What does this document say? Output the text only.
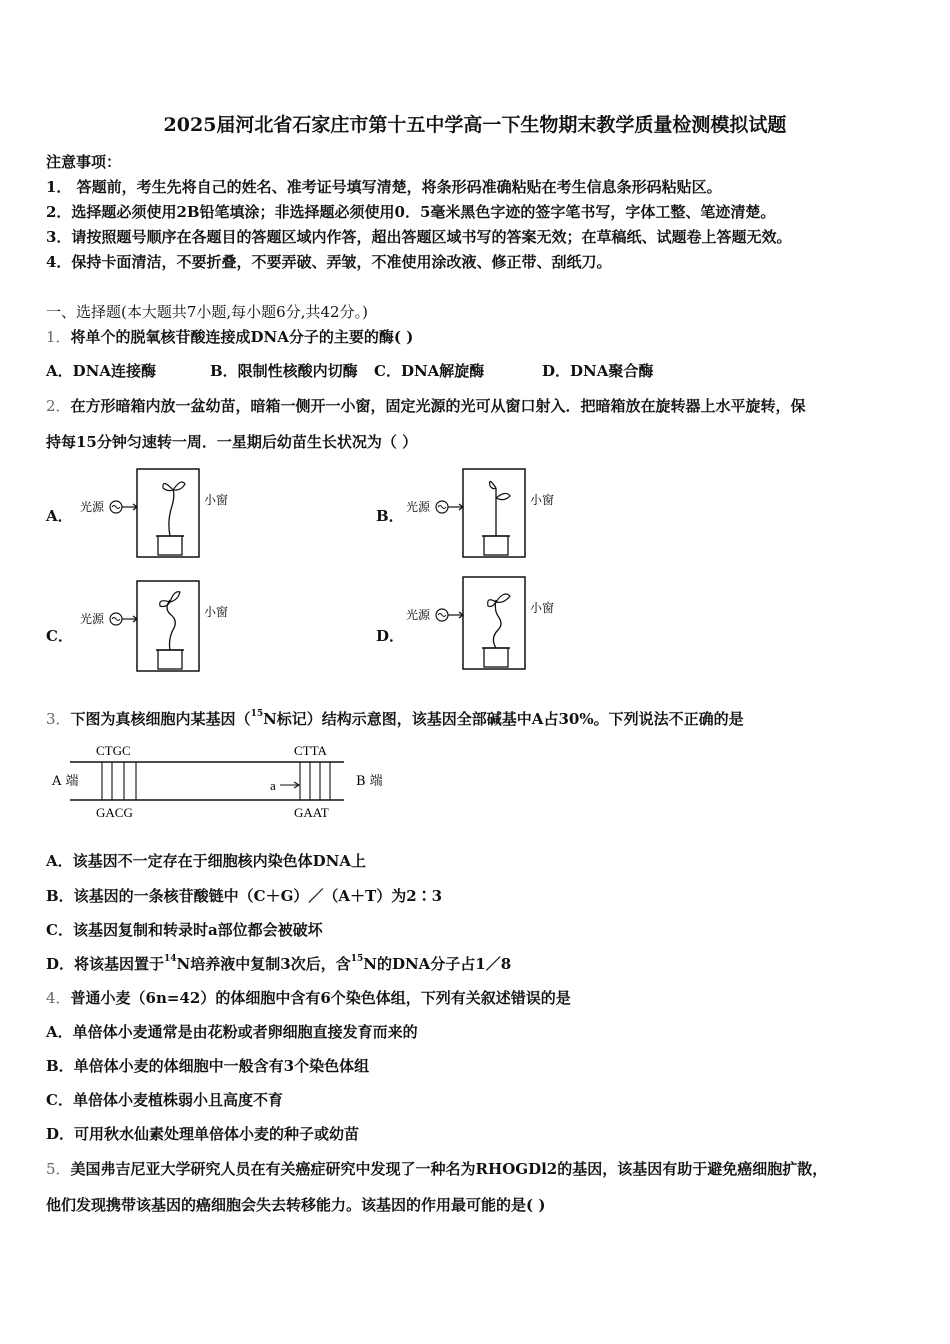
2025届河北省石家庄市第十五中学高一下生物期末教学质量检测模拟试题
注意事项：
1． 答题前，考生先将自己的姓名、准考证号填写清楚，将条形码准确粘贴在考生信息条形码粘贴区。
2．选择题必须使用2B铅笔填涂；非选择题必须使用0．5毫米黑色字迹的签字笔书写，字体工整、笔迹清楚。
3．请按照题号顺序在各题目的答题区域内作答，超出答题区域书写的答案无效；在草稿纸、试题卷上答题无效。
4．保持卡面清洁，不要折叠，不要弄破、弄皱，不准使用涂改液、修正带、刮纸刀。
一、选择题(本大题共7小题,每小题6分,共42分。)
1．将单个的脱氧核苷酸连接成DNA分子的主要的酶( )
A．DNA连接酶	B．限制性核酸内切酶 C．DNA解旋酶	D．DNA聚合酶
2．在方形暗箱内放一盆幼苗，暗箱一侧开一小窗，固定光源的光可从窗口射入．把暗箱放在旋转器上水平旋转，保
持每15分钟匀速转一周．一星期后幼苗生长状况为（ ）
A．	B．
C．	D．
光源	小窗	光源	小窗
光源	小窗	光源	小窗
3．下图为真核细胞内某基因（$^{15}$N标记）结构示意图，该基因全部碱基中A占30%。下列说法不正确的是
CTGC	CTTA
A 端	B 端
a
GACG	GAAT
A．该基因不一定存在于细胞核内染色体DNA上
B．该基因的一条核苷酸链中（C＋G）／（A＋T）为2∶3
C．该基因复制和转录时a部位都会被破坏
D．将该基因置于$^{14}$N培养液中复制3次后，含$^{15}$N的DNA分子占1／8
4．普通小麦（6n=42）的体细胞中含有6个染色体组，下列有关叙述错误的是
A．单倍体小麦通常是由花粉或者卵细胞直接发育而来的
B．单倍体小麦的体细胞中一般含有3个染色体组
C．单倍体小麦植株弱小且高度不育
D．可用秋水仙素处理单倍体小麦的种子或幼苗
5．美国弗吉尼亚大学研究人员在有关癌症研究中发现了一种名为RHOGDl2的基因，该基因有助于避免癌细胞扩散，
他们发现携带该基因的癌细胞会失去转移能力。该基因的作用最可能的是( )
